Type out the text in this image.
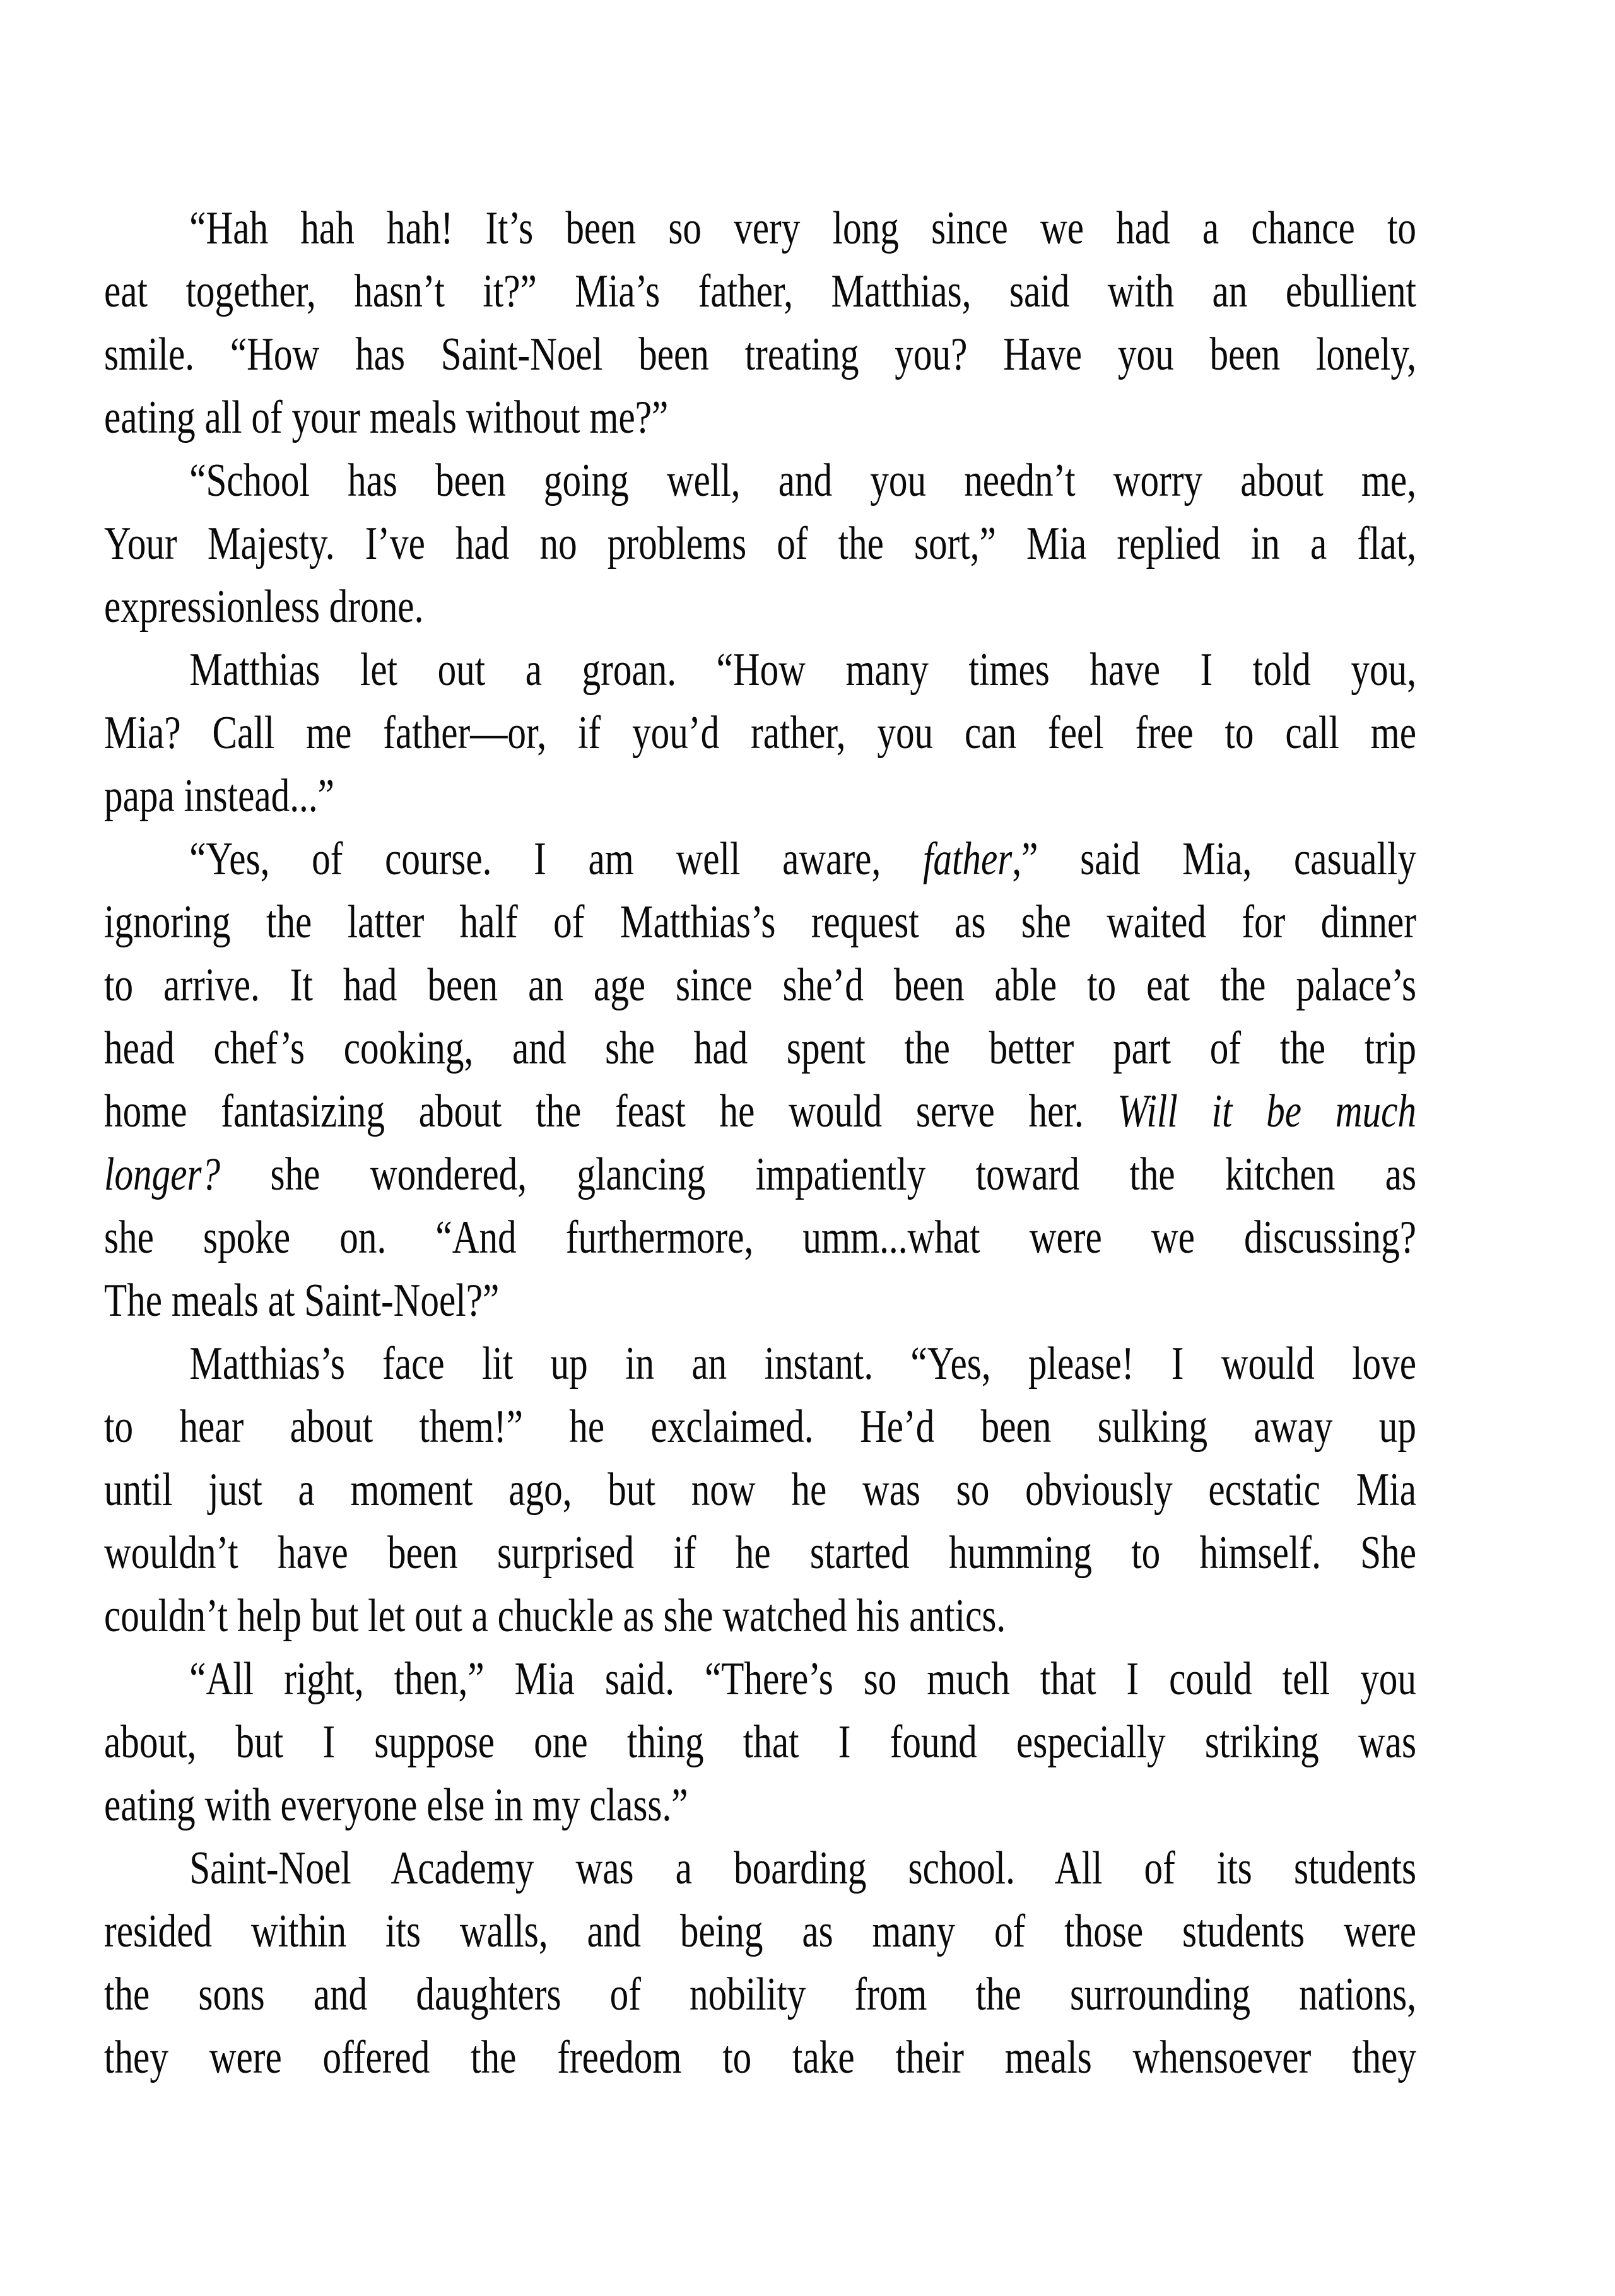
“Hah hah hah! It’s been so very long since we had a chance to
eat together, hasn’t it?” Mia’s father, Matthias, said with an ebullient
smile. “How has Saint-Noel been treating you? Have you been lonely,
eating all of your meals without me?”
“School has been going well, and you needn’t worry about me,
Your Majesty. I’ve had no problems of the sort,” Mia replied in a flat,
expressionless drone.
Matthias let out a groan. “How many times have I told you,
Mia? Call me father—or, if you’d rather, you can feel free to call me
papa instead...”
“Yes, of course. I am well aware, father,” said Mia, casually
ignoring the latter half of Matthias’s request as she waited for dinner
to arrive. It had been an age since she’d been able to eat the palace’s
head chef’s cooking, and she had spent the better part of the trip
home fantasizing about the feast he would serve her. Will it be much
longer? she wondered, glancing impatiently toward the kitchen as
she spoke on. “And furthermore, umm...what were we discussing?
The meals at Saint-Noel?”
Matthias’s face lit up in an instant. “Yes, please! I would love
to hear about them!” he exclaimed. He’d been sulking away up
until just a moment ago, but now he was so obviously ecstatic Mia
wouldn’t have been surprised if he started humming to himself. She
couldn’t help but let out a chuckle as she watched his antics.
“All right, then,” Mia said. “There’s so much that I could tell you
about, but I suppose one thing that I found especially striking was
eating with everyone else in my class.”
Saint-Noel Academy was a boarding school. All of its students
resided within its walls, and being as many of those students were
the sons and daughters of nobility from the surrounding nations,
they were offered the freedom to take their meals whensoever they
